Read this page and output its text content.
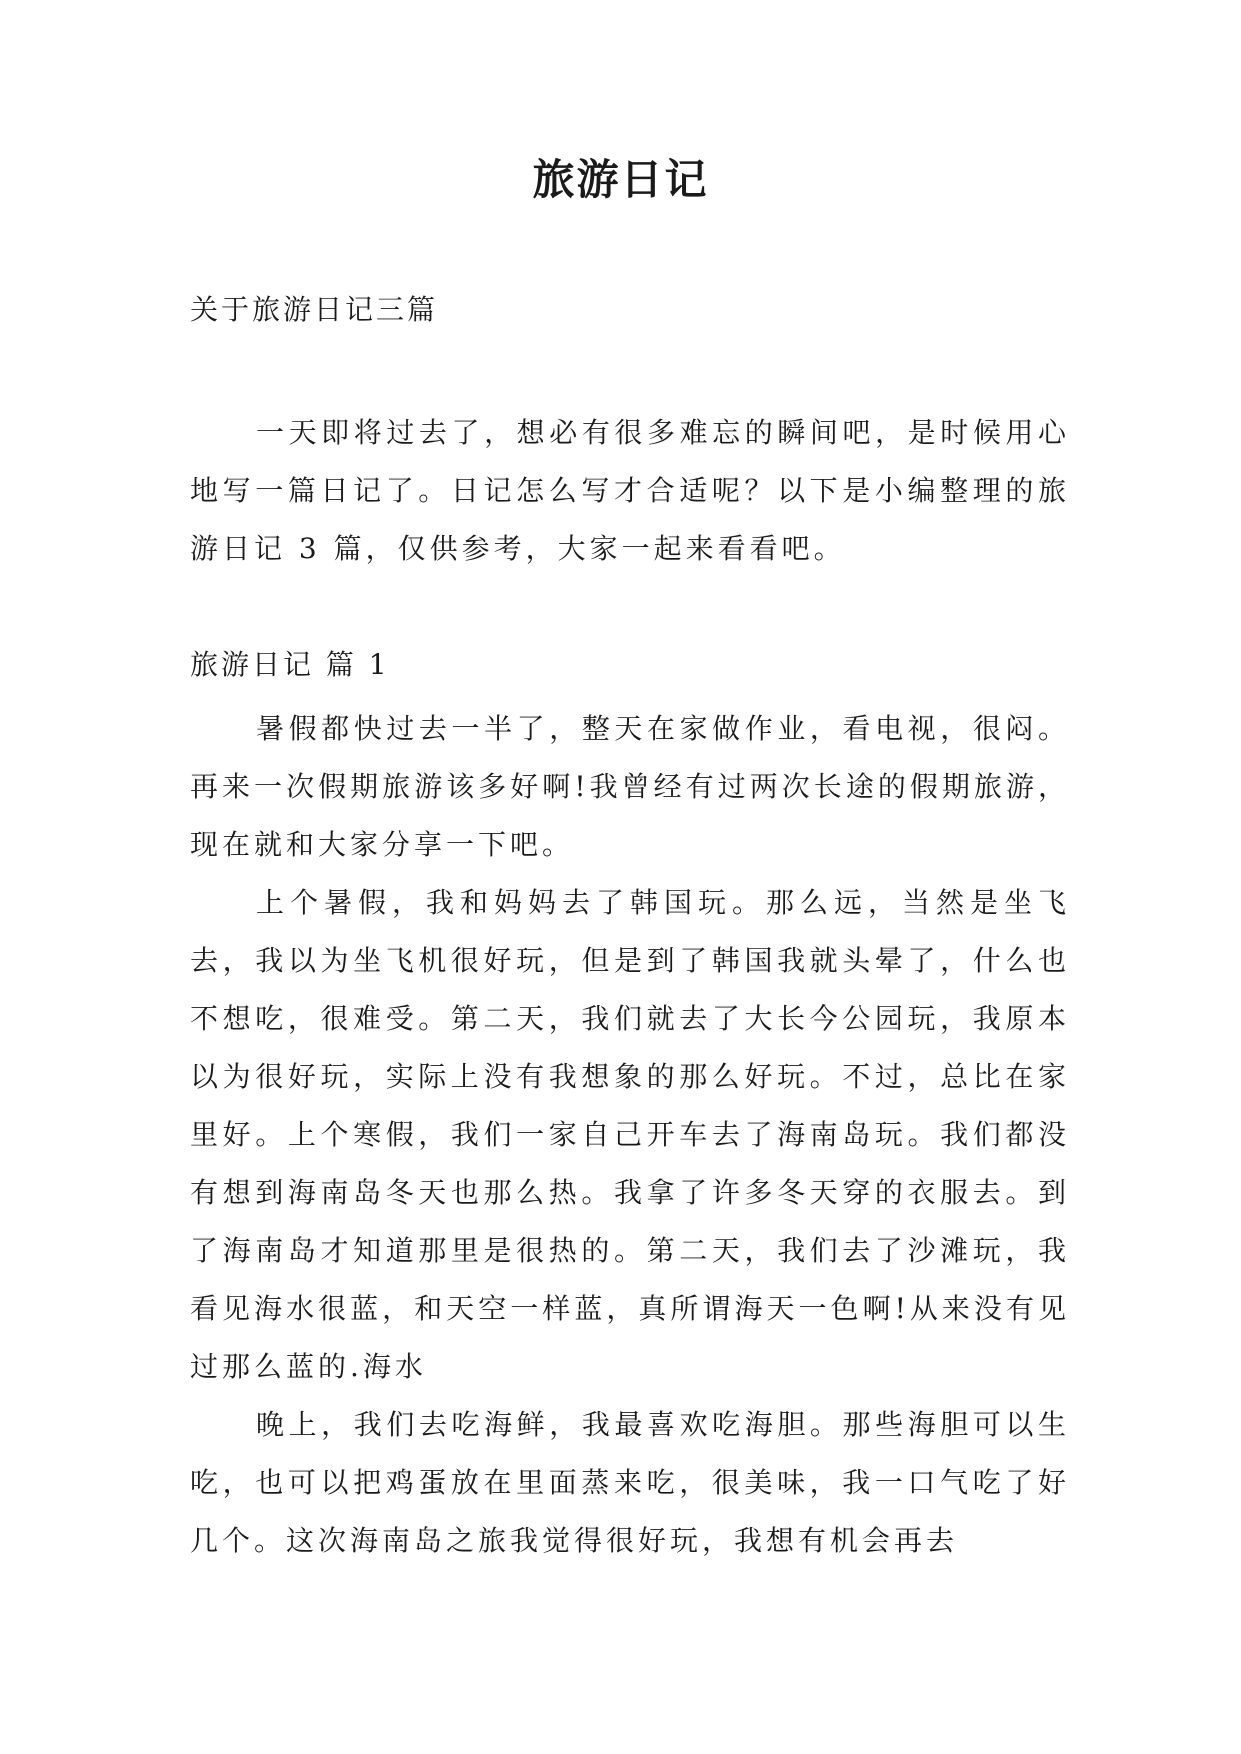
旅游日记

关于旅游日记三篇

一天即将过去了，想必有很多难忘的瞬间吧，是时候用心地写一篇日记了。日记怎么写才合适呢？以下是小编整理的旅游日记 3 篇，仅供参考，大家一起来看看吧。

旅游日记 篇 1

暑假都快过去一半了，整天在家做作业，看电视，很闷。再来一次假期旅游该多好啊!我曾经有过两次长途的假期旅游，现在就和大家分享一下吧。

上个暑假，我和妈妈去了韩国玩。那么远，当然是坐飞去，我以为坐飞机很好玩，但是到了韩国我就头晕了，什么也不想吃，很难受。第二天，我们就去了大长今公园玩，我原本以为很好玩，实际上没有我想象的那么好玩。不过，总比在家里好。上个寒假，我们一家自己开车去了海南岛玩。我们都没有想到海南岛冬天也那么热。我拿了许多冬天穿的衣服去。到了海南岛才知道那里是很热的。第二天，我们去了沙滩玩，我看见海水很蓝，和天空一样蓝，真所谓海天一色啊!从来没有见过那么蓝的.海水

晚上，我们去吃海鲜，我最喜欢吃海胆。那些海胆可以生吃，也可以把鸡蛋放在里面蒸来吃，很美味，我一口气吃了好几个。这次海南岛之旅我觉得很好玩，我想有机会再去
